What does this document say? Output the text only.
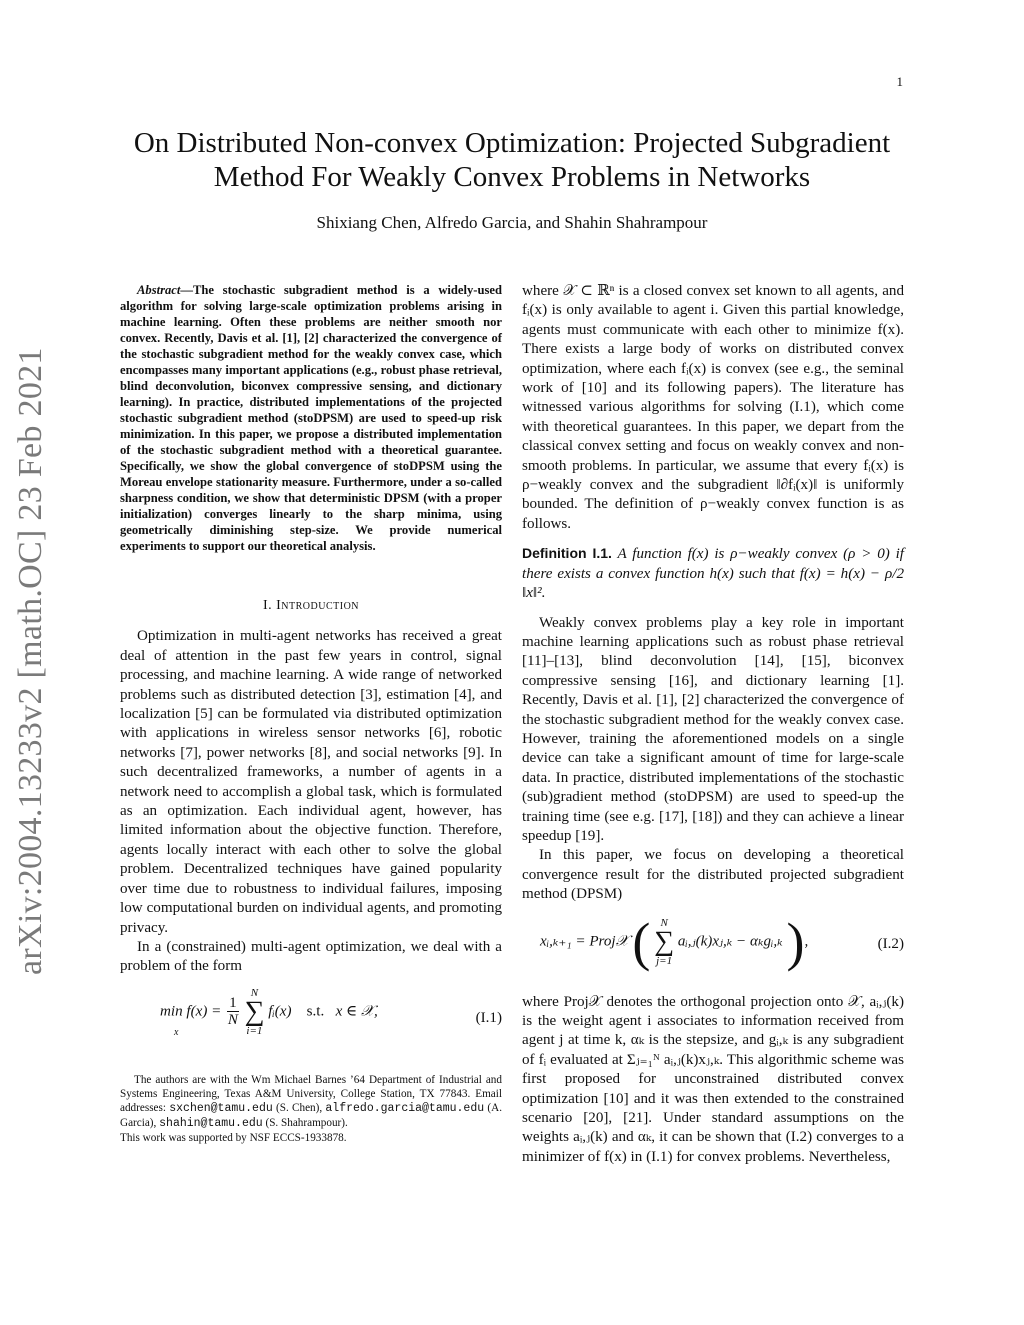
1
arXiv:2004.13233v2 [math.OC] 23 Feb 2021
On Distributed Non-convex Optimization: Projected Subgradient Method For Weakly Convex Problems in Networks
Shixiang Chen, Alfredo Garcia, and Shahin Shahrampour

Abstract—The stochastic subgradient method is a widely-used algorithm for solving large-scale optimization problems arising in machine learning. Often these problems are neither smooth nor convex. Recently, Davis et al. [1], [2] characterized the convergence of the stochastic subgradient method for the weakly convex case, which encompasses many important applications (e.g., robust phase retrieval, blind deconvolution, biconvex compressive sensing, and dictionary learning). In practice, distributed implementations of the projected stochastic subgradient method (stoDPSM) are used to speed-up risk minimization. In this paper, we propose a distributed implementation of the stochastic subgradient method with a theoretical guarantee. Specifically, we show the global convergence of stoDPSM using the Moreau envelope stationarity measure. Furthermore, under a so-called sharpness condition, we show that deterministic DPSM (with a proper initialization) converges linearly to the sharp minima, using geometrically diminishing step-size. We provide numerical experiments to support our theoretical analysis.

I. Introduction

Optimization in multi-agent networks has received a great deal of attention in the past few years in control, signal processing, and machine learning. A wide range of networked problems such as distributed detection [3], estimation [4], and localization [5] can be formulated via distributed optimization with applications in wireless sensor networks [6], robotic networks [7], power networks [8], and social networks [9]. In such decentralized frameworks, a number of agents in a network need to accomplish a global task, which is formulated as an optimization. Each individual agent, however, has limited information about the objective function. Therefore, agents locally interact with each other to solve the global problem. Decentralized techniques have gained popularity over time due to robustness to individual failures, imposing low computational burden on individual agents, and promoting privacy.

In a (constrained) multi-agent optimization, we deal with a problem of the form

$\min f(x) = \frac{1}{N}$

N
∑
i=1
fᵢ(x) s.t. x ∈ 𝒳,
x
(I.1)

The authors are with the Wm Michael Barnes ’64 Department of Industrial and Systems Engineering, Texas A&M University, College Station, TX 77843. Email addresses: sxchen@tamu.edu (S. Chen), alfredo.garcia@tamu.edu (A. Garcia), shahin@tamu.edu (S. Shahrampour).

This work was supported by NSF ECCS-1933878.

where 𝒳 ⊂ ℝⁿ is a closed convex set known to all agents, and fᵢ(x) is only available to agent i. Given this partial knowledge, agents must communicate with each other to minimize f(x). There exists a large body of works on distributed convex optimization, where each fᵢ(x) is convex (see e.g., the seminal work of [10] and its following papers). The literature has witnessed various algorithms for solving (I.1), which come with theoretical guarantees. In this paper, we depart from the classical convex setting and focus on weakly convex and non-smooth problems. In particular, we assume that every fᵢ(x) is ρ−weakly convex and the subgradient ‖∂fᵢ(x)‖ is uniformly bounded. The definition of ρ−weakly convex function is as follows.

Definition I.1. A function f(x) is ρ−weakly convex (ρ > 0) if there exists a convex function h(x) such that f(x) = h(x) − ρ/2 ‖x‖².

Weakly convex problems play a key role in important machine learning applications such as robust phase retrieval [11]–[13], blind deconvolution [14], [15], biconvex compressive sensing [16], and dictionary learning [1]. Recently, Davis et al. [1], [2] characterized the convergence of the stochastic subgradient method for the weakly convex case. However, training the aforementioned models on a single device can take a significant amount of time for large-scale data. In practice, distributed implementations of the stochastic (sub)gradient method (stoDPSM) are used to speed-up the training time (see e.g. [17], [18]) and they can achieve a linear speedup [19].

In this paper, we focus on developing a theoretical convergence result for the distributed projected subgradient method (DPSM)

xᵢ,ₖ₊₁ = Proj𝒳 ( N
∑
j=1
aᵢ,ⱼ(k)xⱼ,ₖ − αₖgᵢ,ₖ ),	(I.2)

where Proj𝒳 denotes the orthogonal projection onto 𝒳, aᵢ,ⱼ(k) is the weight agent i associates to information received from agent j at time k, αₖ is the stepsize, and gᵢ,ₖ is any subgradient of fᵢ evaluated at Σⱼ₌₁ᴺ aᵢ,ⱼ(k)xⱼ,ₖ. This algorithmic scheme was first proposed for unconstrained distributed convex optimization [10] and it was then extended to the constrained scenario [20], [21]. Under standard assumptions on the weights aᵢ,ⱼ(k) and αₖ, it can be shown that (I.2) converges to a minimizer of f(x) in (I.1) for convex problems. Nevertheless,
